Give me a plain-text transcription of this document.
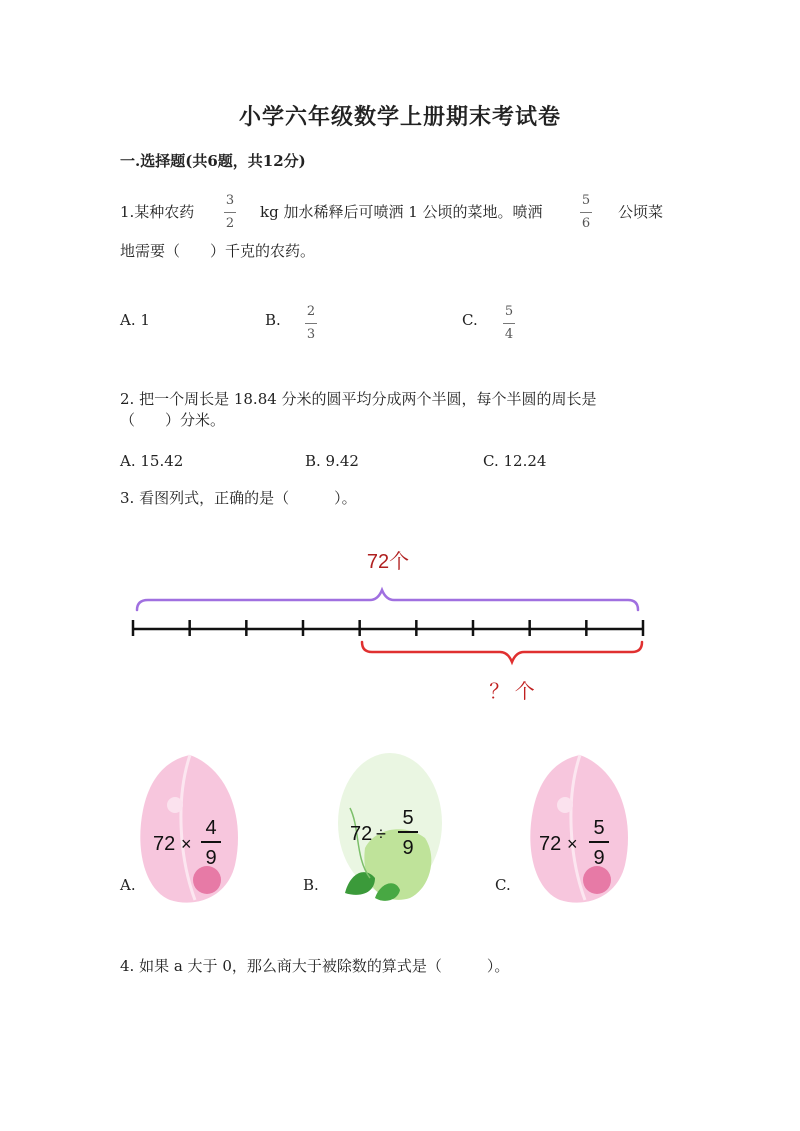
小学六年级数学上册期末考试卷
一.选择题(共6题，共12分)
1.某种农药
3
2
kg 加水稀释后可喷洒 1 公顷的菜地。喷洒
5
6
公顷菜
地需要（　　）千克的农药。
A. 1	B. 2
3
C. 5
4
2. 把一个周长是 18.84 分米的圆平均分成两个半圆，每个半圆的周长是
（　　）分米。
A. 15.42	B. 9.42	C. 12.24
3. 看图列式，正确的是（　　　）。
72个
？ 个
A.
72 ×
4
9
B.
72 ÷
5
9
C.
72 ×
5
9
4. 如果 a 大于 0，那么商大于被除数的算式是（　　　）。
